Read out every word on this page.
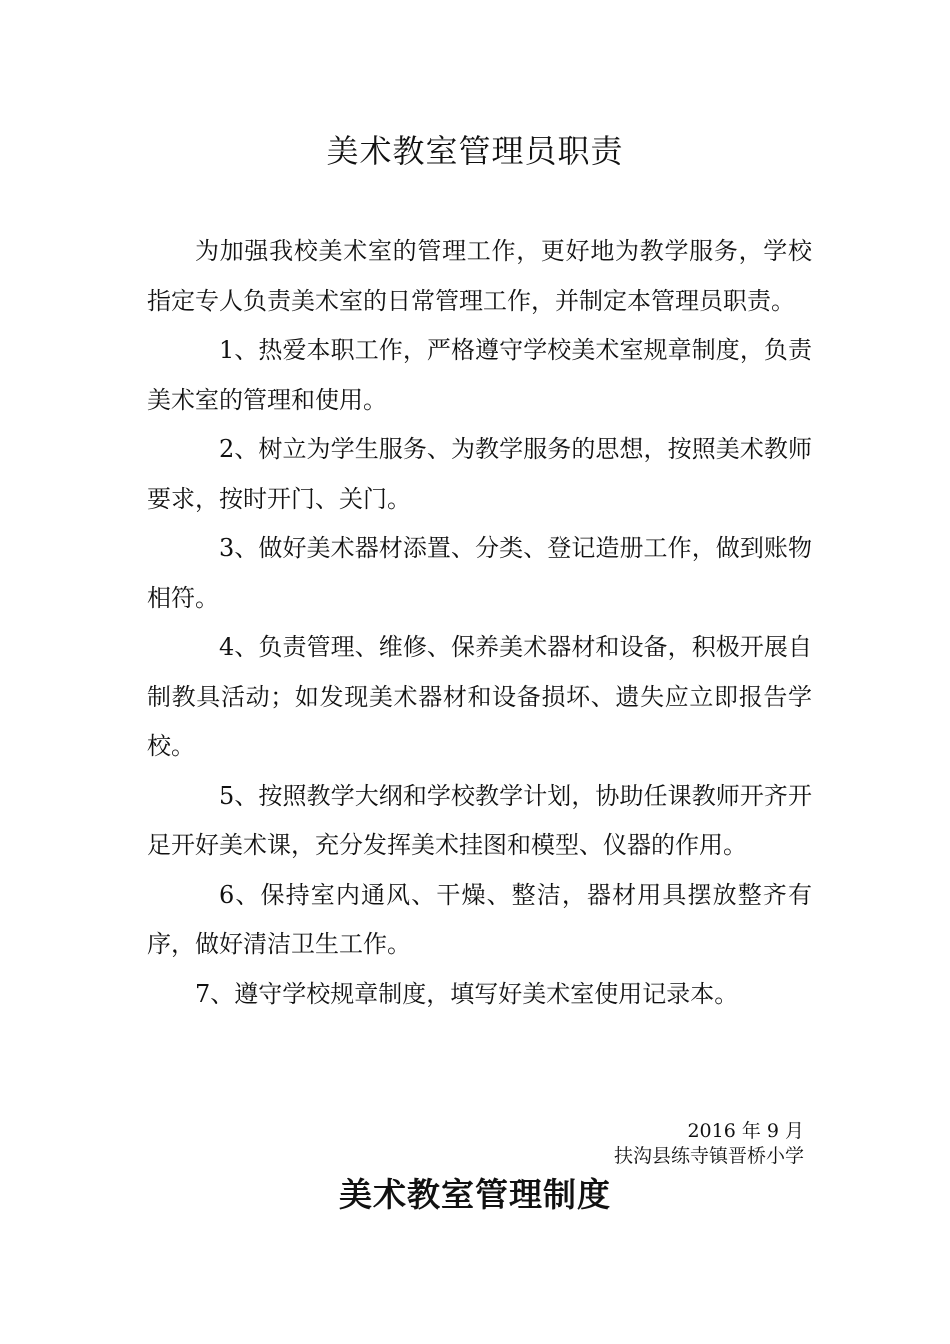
美术教室管理员职责

为加强我校美术室的管理工作，更好地为教学服务，学校指定专人负责美术室的日常管理工作，并制定本管理员职责。

1、热爱本职工作，严格遵守学校美术室规章制度，负责美术室的管理和使用。

2、树立为学生服务、为教学服务的思想，按照美术教师要求，按时开门、关门。

3、做好美术器材添置、分类、登记造册工作，做到账物相符。

4、负责管理、维修、保养美术器材和设备，积极开展自制教具活动；如发现美术器材和设备损坏、遗失应立即报告学校。

5、按照教学大纲和学校教学计划，协助任课教师开齐开足开好美术课，充分发挥美术挂图和模型、仪器的作用。

6、保持室内通风、干燥、整洁，器材用具摆放整齐有序，做好清洁卫生工作。

7、遵守学校规章制度，填写好美术室使用记录本。

2016 年 9 月
扶沟县练寺镇晋桥小学
美术教室管理制度
